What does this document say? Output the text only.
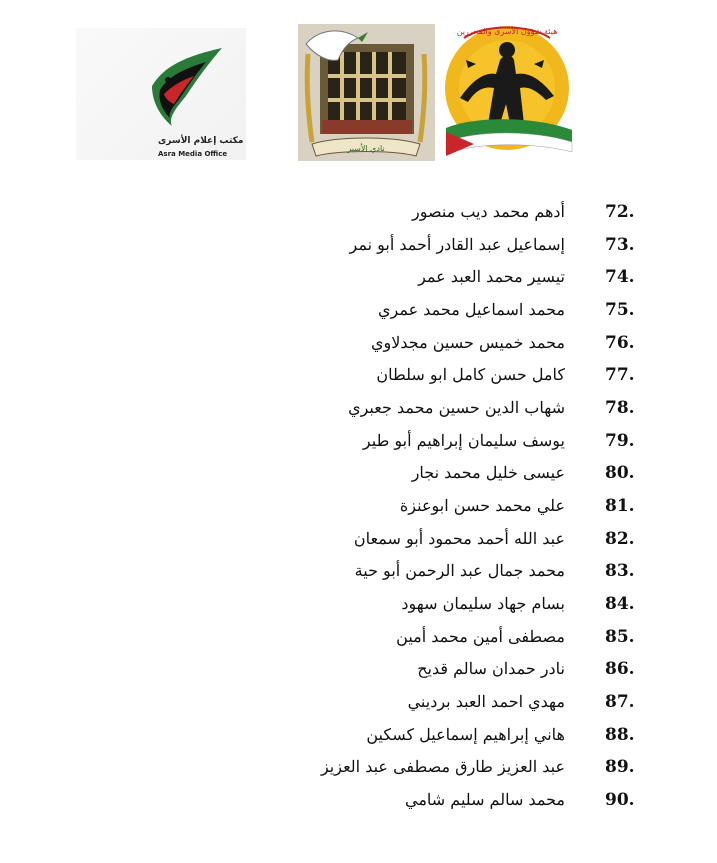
مكتب إعلام الأسرى
Asra Media Office
نادي الأسير
هيئة شؤون الأسرى والمحررين
72.
أدهم محمد ديب منصور
73.
إسماعيل عبد القادر أحمد أبو نمر
74.
تيسير محمد العبد عمر
75.
محمد اسماعيل محمد عمري
76.
محمد خميس حسين مجدلاوي
77.
كامل حسن كامل ابو سلطان
78.
شهاب الدين حسين محمد جعبري
79.
يوسف سليمان إبراهيم أبو طير
80.
عيسى خليل محمد نجار
81.
علي محمد حسن ابوعنزة
82.
عبد الله أحمد محمود أبو سمعان
83.
محمد جمال عبد الرحمن أبو حية
84.
بسام جهاد سليمان سهود
85.
مصطفى أمين محمد أمين
86.
نادر حمدان سالم قديح
87.
مهدي احمد العبد برديني
88.
هاني إبراهيم إسماعيل كسكين
89.
عبد العزيز طارق مصطفى عبد العزيز
90.
محمد سالم سليم شامي
